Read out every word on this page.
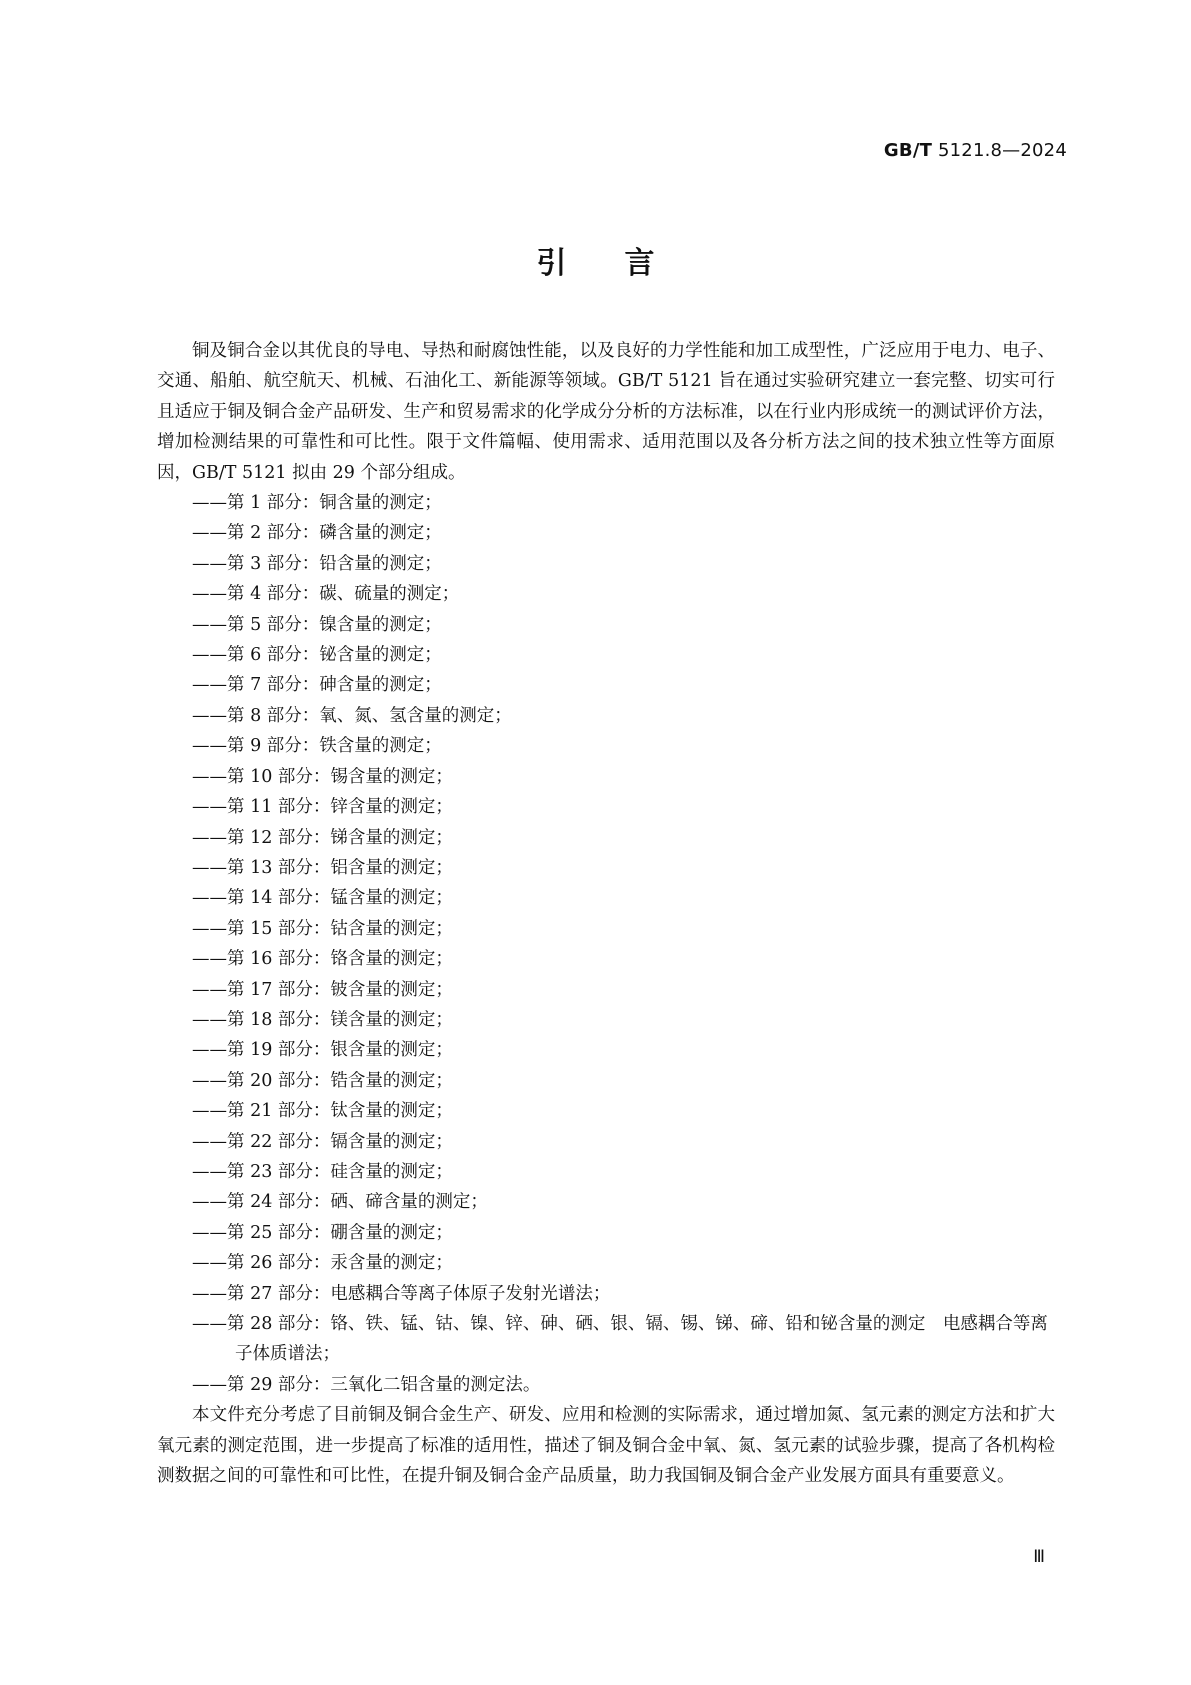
GB/T 5121.8—2024
引言

铜及铜合金以其优良的导电、导热和耐腐蚀性能，以及良好的力学性能和加工成型性，广泛应用于电力、电子、交通、船舶、航空航天、机械、石油化工、新能源等领域。GB/T 5121 旨在通过实验研究建立一套完整、切实可行且适应于铜及铜合金产品研发、生产和贸易需求的化学成分分析的方法标准，以在行业内形成统一的测试评价方法，增加检测结果的可靠性和可比性。限于文件篇幅、使用需求、适用范围以及各分析方法之间的技术独立性等方面原因，GB/T 5121 拟由 29 个部分组成。

——第 1 部分：铜含量的测定；
——第 2 部分：磷含量的测定；
——第 3 部分：铅含量的测定；
——第 4 部分：碳、硫量的测定；
——第 5 部分：镍含量的测定；
——第 6 部分：铋含量的测定；
——第 7 部分：砷含量的测定；
——第 8 部分：氧、氮、氢含量的测定；
——第 9 部分：铁含量的测定；
——第 10 部分：锡含量的测定；
——第 11 部分：锌含量的测定；
——第 12 部分：锑含量的测定；
——第 13 部分：铝含量的测定；
——第 14 部分：锰含量的测定；
——第 15 部分：钴含量的测定；
——第 16 部分：铬含量的测定；
——第 17 部分：铍含量的测定；
——第 18 部分：镁含量的测定；
——第 19 部分：银含量的测定；
——第 20 部分：锆含量的测定；
——第 21 部分：钛含量的测定；
——第 22 部分：镉含量的测定；
——第 23 部分：硅含量的测定；
——第 24 部分：硒、碲含量的测定；
——第 25 部分：硼含量的测定；
——第 26 部分：汞含量的测定；
——第 27 部分：电感耦合等离子体原子发射光谱法；
——第 28 部分：铬、铁、锰、钴、镍、锌、砷、硒、银、镉、锡、锑、碲、铅和铋含量的测定　电感耦合等离子体质谱法；
——第 29 部分：三氧化二铝含量的测定法。

本文件充分考虑了目前铜及铜合金生产、研发、应用和检测的实际需求，通过增加氮、氢元素的测定方法和扩大氧元素的测定范围，进一步提高了标准的适用性，描述了铜及铜合金中氧、氮、氢元素的试验步骤，提高了各机构检测数据之间的可靠性和可比性，在提升铜及铜合金产品质量，助力我国铜及铜合金产业发展方面具有重要意义。

Ⅲ
